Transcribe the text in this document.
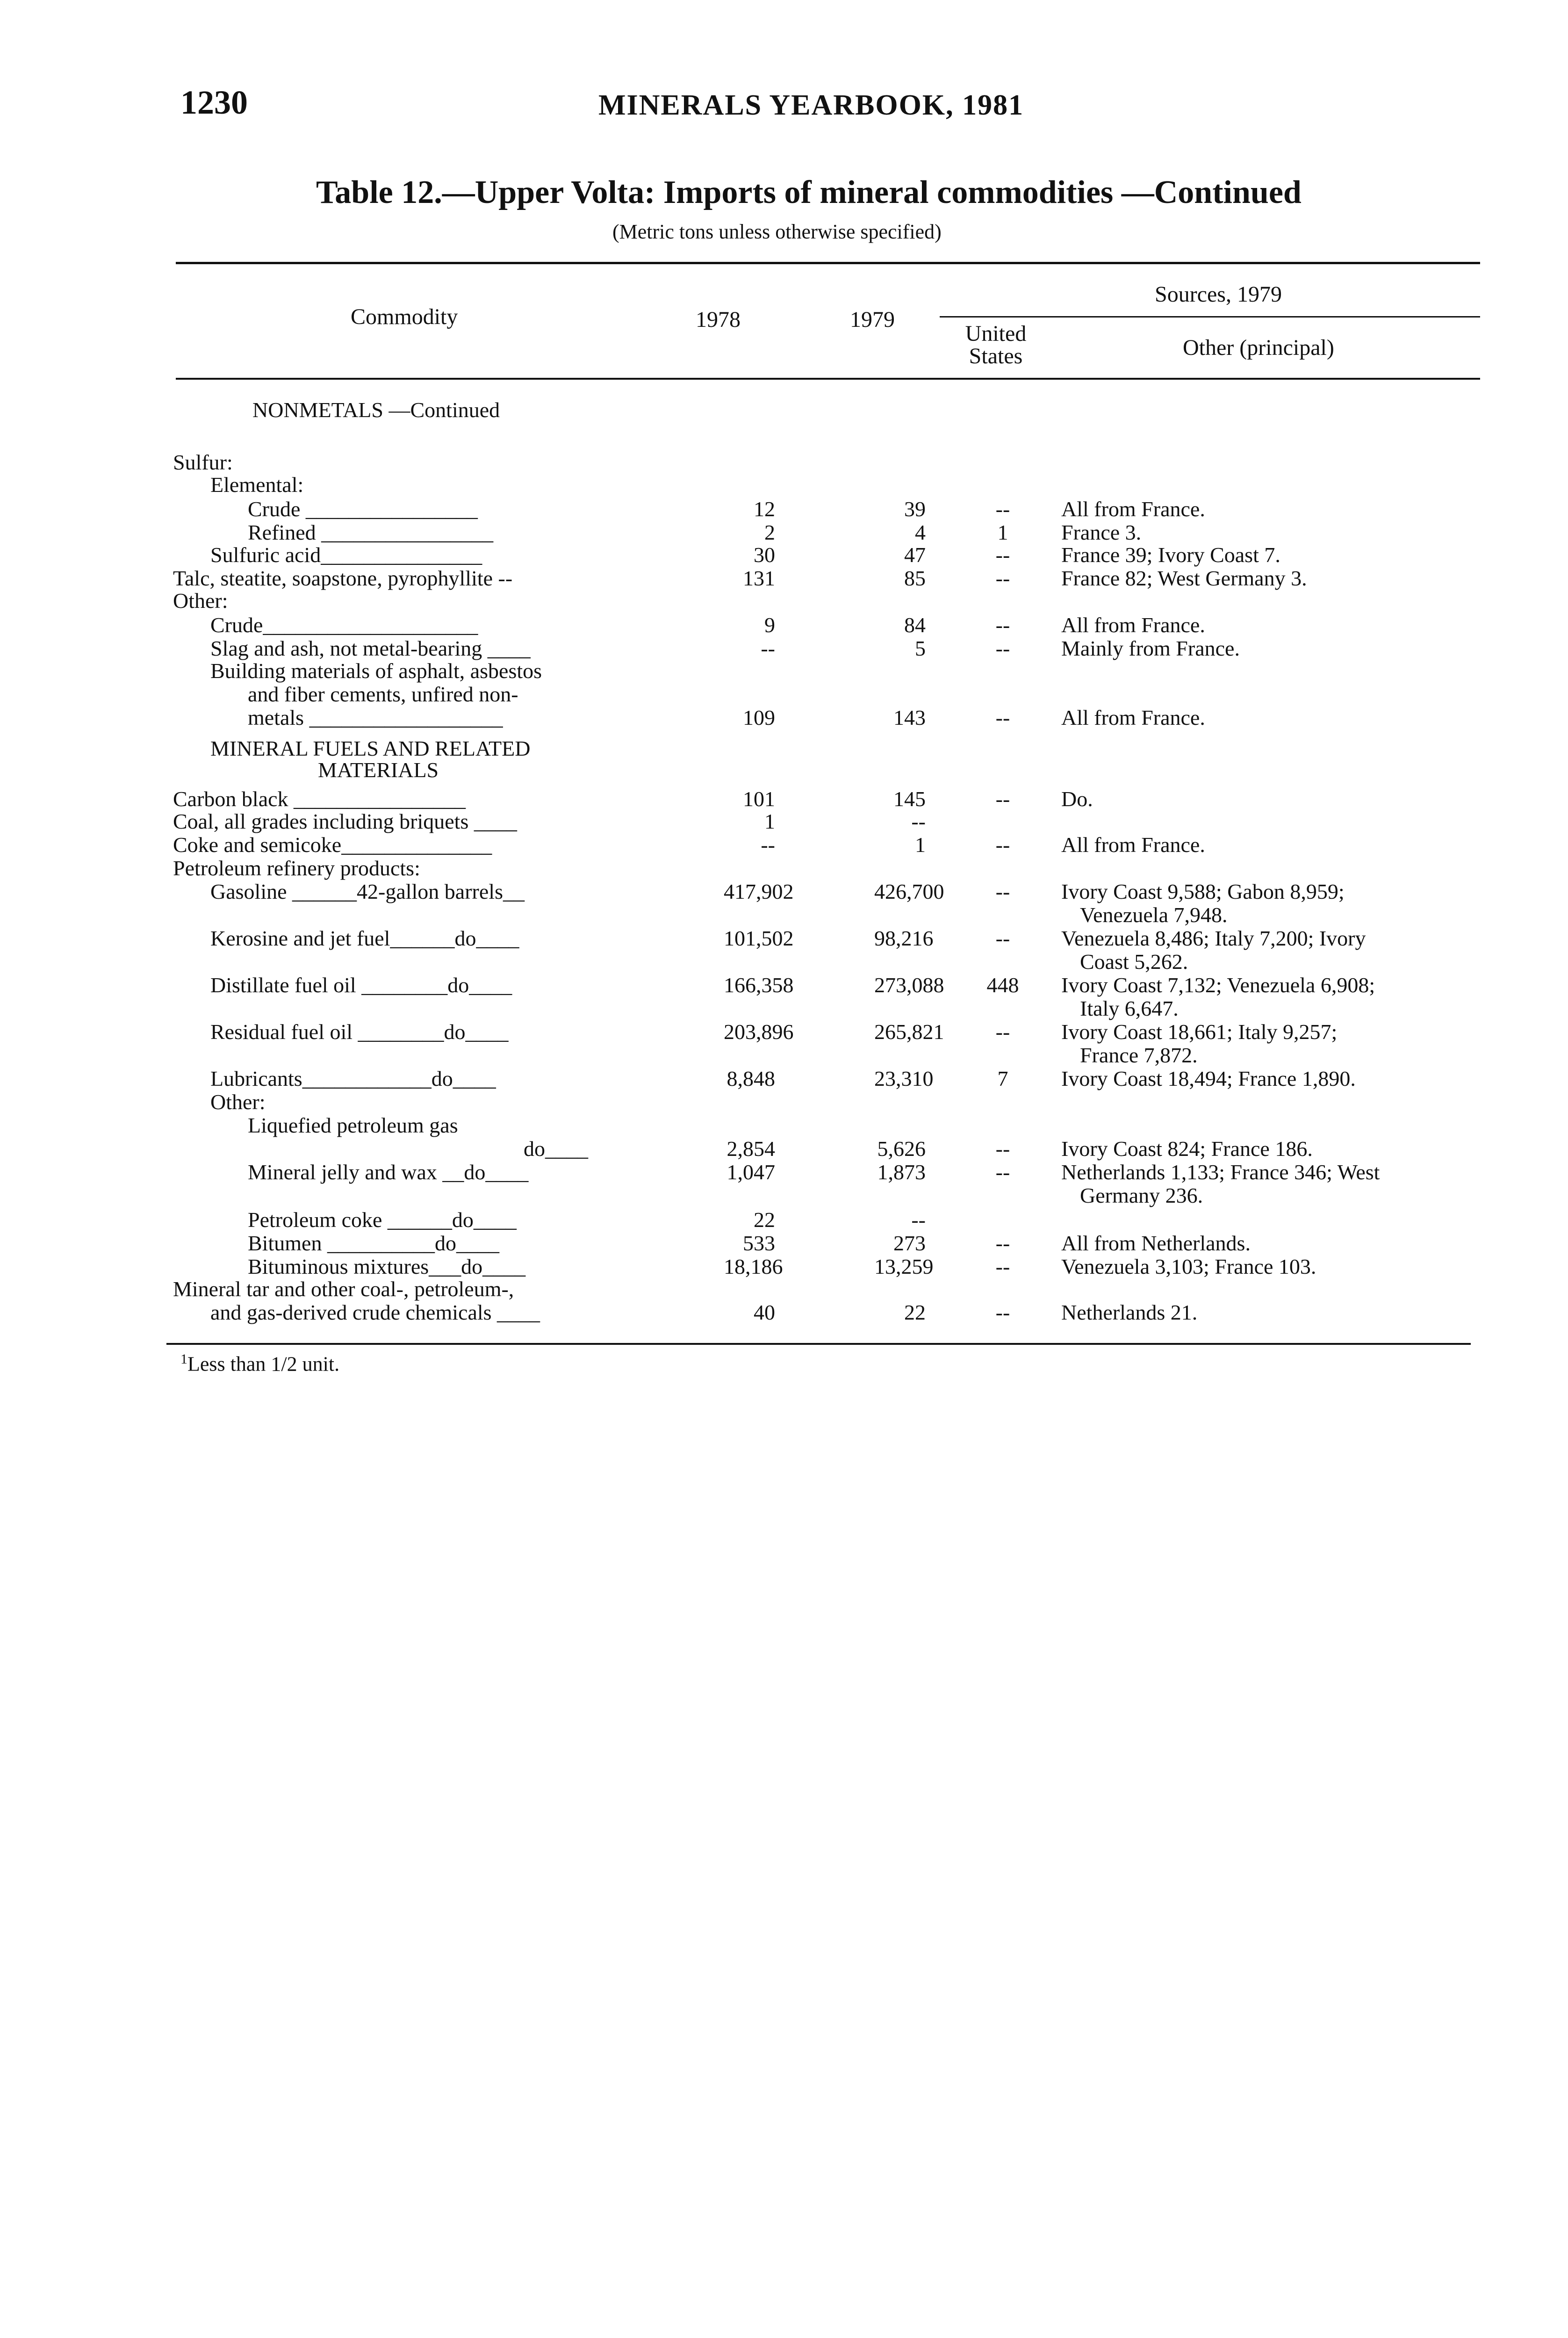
1230	MINERALS YEARBOOK, 1981
Table 12.—Upper Volta: Imports of mineral commodities —Continued
(Metric tons unless otherwise specified)
Commodity	1978	1979
Sources, 1979
United States	Other (principal)
NONMETALS —Continued
Sulfur:
Elemental:
Crude ________________	12	39	--	All from France.
Refined ________________	2	4	1	France 3.
Sulfuric acid_______________	30	47	--	France 39; Ivory Coast 7.
Talc, steatite, soapstone, pyrophyllite --	131	85	--	France 82; West Germany 3.
Other:
Crude____________________	9	84	--	All from France.
Slag and ash, not metal-bearing ____	--	5	--	Mainly from France.
Building materials of asphalt, asbestos
and fiber cements, unfired non-
metals __________________	109	143	--	All from France.
MINERAL FUELS AND RELATED
MATERIALS
Carbon black ________________	101	145	--	Do.
Coal, all grades including briquets ____	1	--
Coke and semicoke______________	--	1	--	All from France.
Petroleum refinery products:
Gasoline ______42-gallon barrels__	417,902	426,700	--	Ivory Coast 9,588; Gabon 8,959;
Venezuela 7,948.
Kerosine and jet fuel______do____	101,502	98,216	--	Venezuela 8,486; Italy 7,200; Ivory
Coast 5,262.
Distillate fuel oil ________do____	166,358	273,088	448	Ivory Coast 7,132; Venezuela 6,908;
Italy 6,647.
Residual fuel oil ________do____	203,896	265,821	--	Ivory Coast 18,661; Italy 9,257;
France 7,872.
Lubricants____________do____	8,848	23,310	7	Ivory Coast 18,494; France 1,890.
Other:
Liquefied petroleum gas
do____	2,854	5,626	--	Ivory Coast 824; France 186.
Mineral jelly and wax __do____	1,047	1,873	--	Netherlands 1,133; France 346; West
Germany 236.
Petroleum coke ______do____	22	--
Bitumen __________do____	533	273	--	All from Netherlands.
Bituminous mixtures___do____	18,186	13,259	--	Venezuela 3,103; France 103.
Mineral tar and other coal-, petroleum-,
and gas-derived crude chemicals ____	40	22	--	Netherlands 21.
$^1$Less than 1/2 unit.
